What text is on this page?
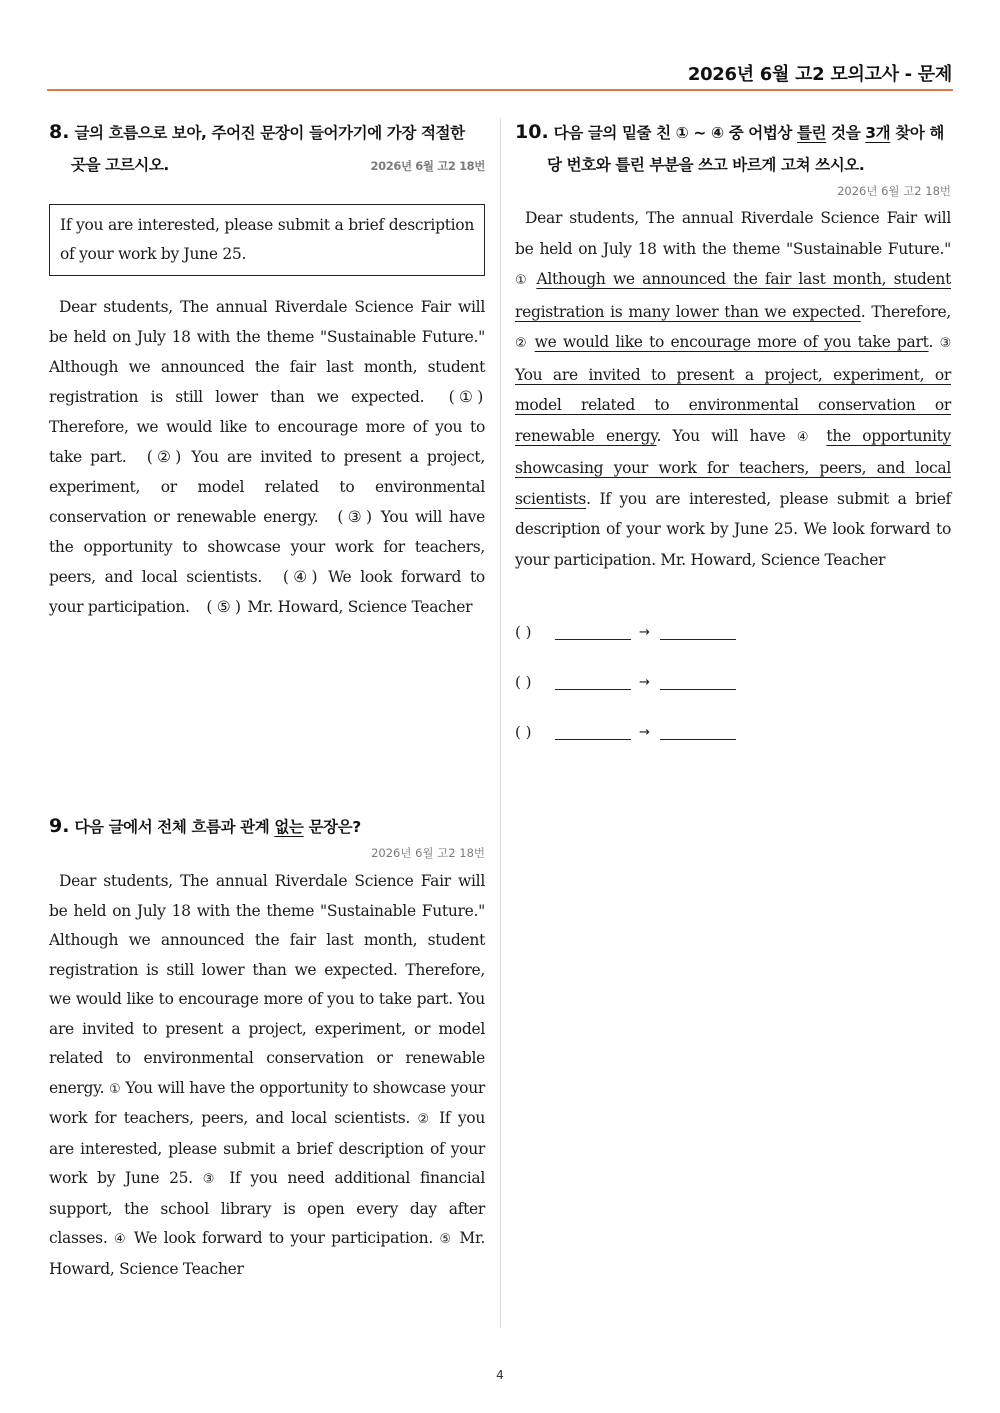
2026년 6월 고2 모의고사 - 문제
8. 글의 흐름으로 보아, 주어진 문장이 들어가기에 가장 적절한
곳을 고르시오.	2026년 6월 고2 18번
If you are interested, please submit a brief description of your work by June 25.

Dear students, The annual Riverdale Science Fair will be held on July 18 with the theme "Sustainable Future." Although we announced the fair last month, student registration is still lower than we expected. ( ① ) Therefore, we would like to encourage more of you to take part. ( ② ) You are invited to present a project, experiment, or model related to environmental conservation or renewable energy. ( ③ ) You will have the opportunity to showcase your work for teachers, peers, and local scientists. ( ④ ) We look forward to your participation. ( ⑤ ) Mr. Howard, Science Teacher

9. 다음 글에서 전체 흐름과 관계 없는 문장은?
2026년 6월 고2 18번

Dear students, The annual Riverdale Science Fair will be held on July 18 with the theme "Sustainable Future." Although we announced the fair last month, student registration is still lower than we expected. Therefore, we would like to encourage more of you to take part. You are invited to present a project, experiment, or model related to environmental conservation or renewable energy. ① You will have the opportunity to showcase your work for teachers, peers, and local scientists. ② If you are interested, please submit a brief description of your work by June 25. ③ If you need additional financial support, the school library is open every day after classes. ④ We look forward to your participation. ⑤ Mr. Howard, Science Teacher

10. 다음 글의 밑줄 친 ① ~ ④ 중 어법상 틀린 것을 3개 찾아 해
당 번호와 틀린 부분을 쓰고 바르게 고쳐 쓰시오.
2026년 6월 고2 18번

Dear students, The annual Riverdale Science Fair will be held on July 18 with the theme "Sustainable Future." ① Although we announced the fair last month, student registration is many lower than we expected. Therefore, ② we would like to encourage more of you take part. ③ You are invited to present a project, experiment, or model related to environmental conservation or renewable energy. You will have ④ the opportunity showcasing your work for teachers, peers, and local scientists. If you are interested, please submit a brief description of your work by June 25. We look forward to your participation. Mr. Howard, Science Teacher

( )	→
( )	→
( )	→
4
